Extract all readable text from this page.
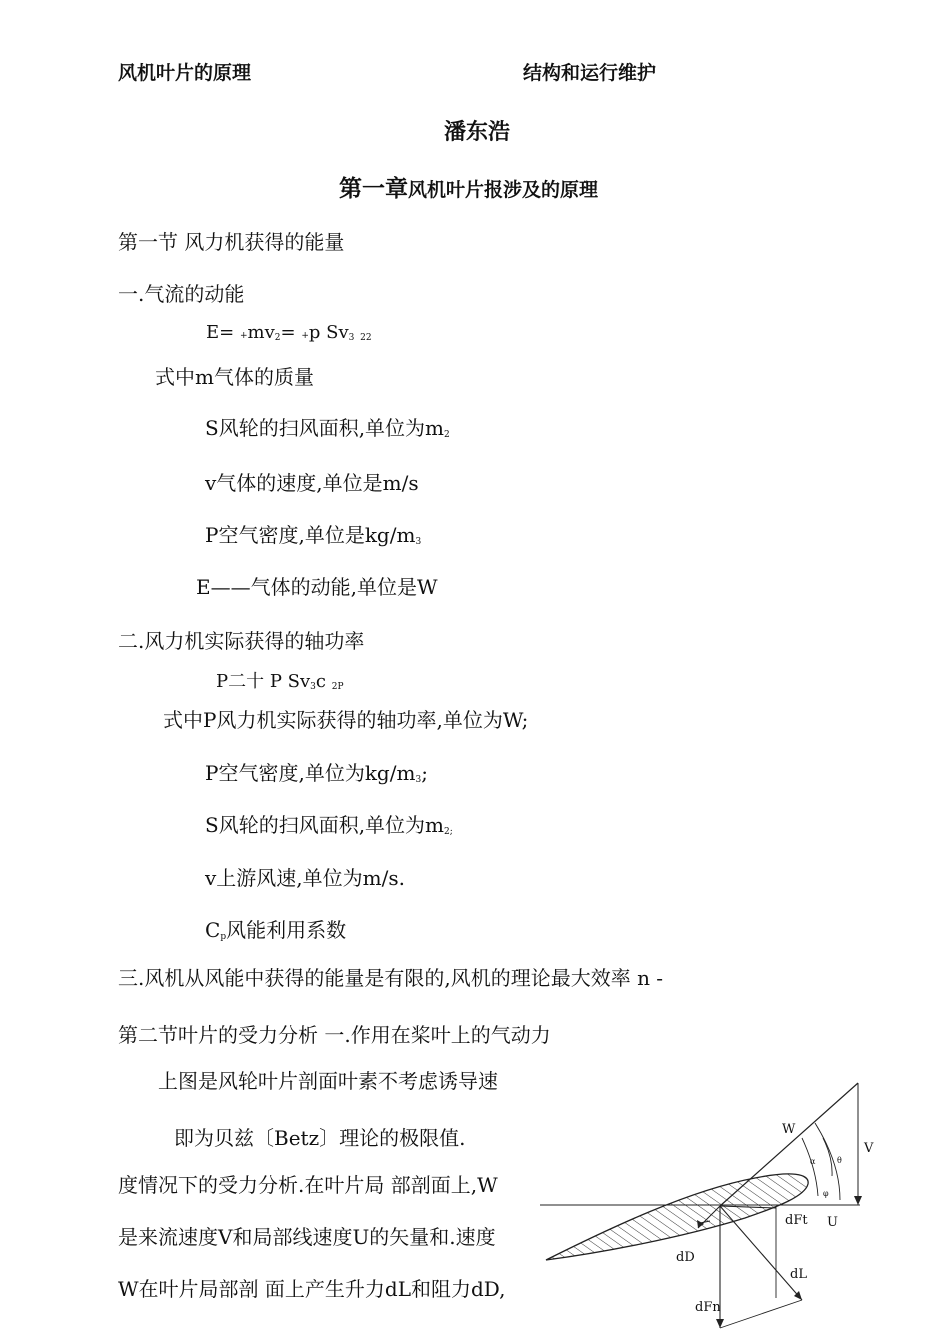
风机叶片的原理	结构和运行维护
潘东浩
第一章风机叶片报涉及的原理
第一节 风力机获得的能量
一.气流的动能
$E= +mv_2= +p$ $Sv_3$ $_{22}$
式中m气体的质量
S风轮的扫风面积,单位为$m_2$
v气体的速度,单位是m/s
P空气密度,单位是$kg/m_3$
E——气体的动能,单位是W
二.风力机实际获得的轴功率
P二十 P $Sv_3c$ $_{2P}$
式中P风力机实际获得的轴功率,单位为W;
P空气密度,单位为$kg/m_3$;
S风轮的扫风面积,单位为$m_{2;}$
v上游风速,单位为m/s.
$C_p$风能利用系数
三.风机从风能中获得的能量是有限的,风机的理论最大效率 n -
第二节叶片的受力分析 一.作用在桨叶上的气动力
上图是风轮叶片剖面叶素不考虑诱导速
即为贝兹〔Betz〕理论的极限值.
度情况下的受力分析.在叶片局 部剖面上,W
是来流速度V和局部线速度U的矢量和.速度
W在叶片局部剖 面上产生升力dL和阻力dD,
W
V
U
dFt
dD
dL
dFn
θ
α
φ
